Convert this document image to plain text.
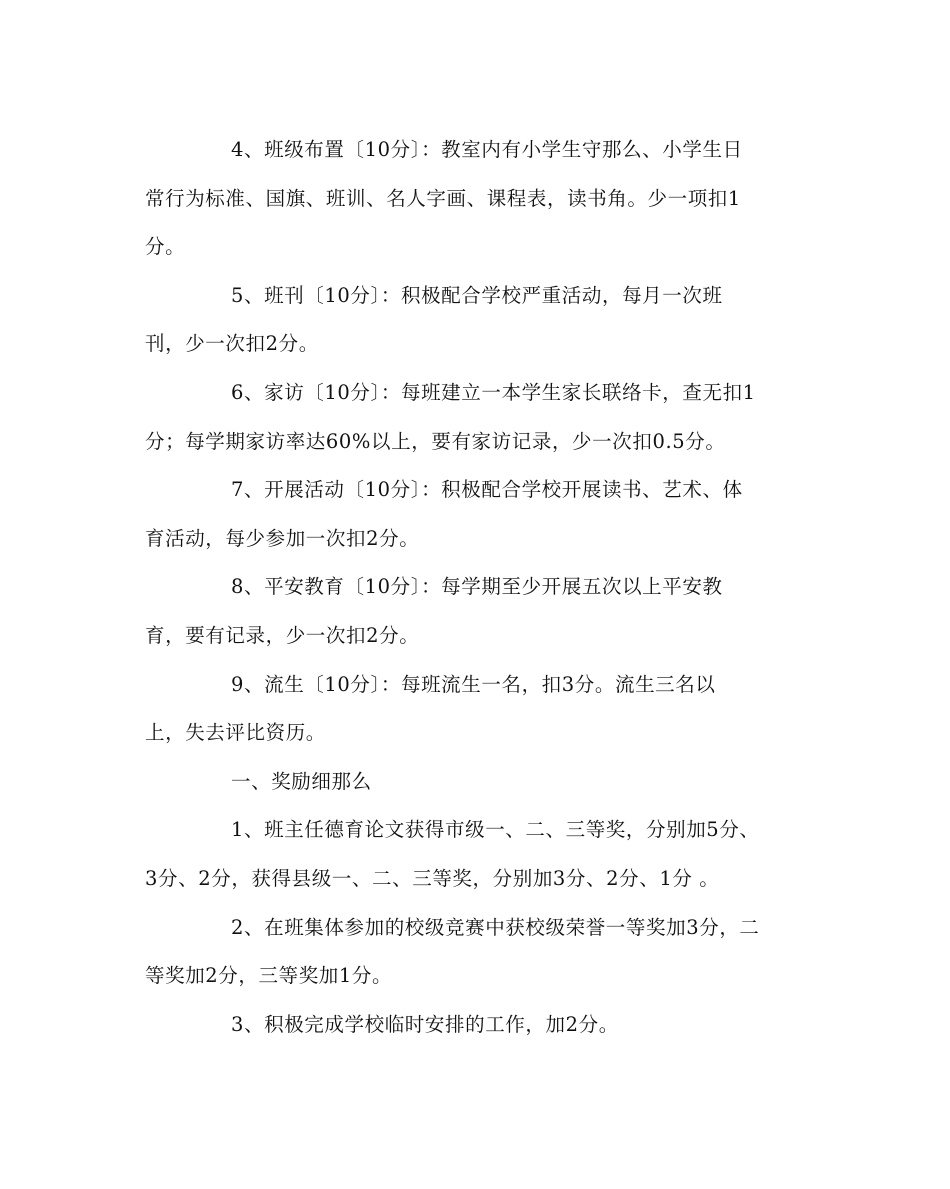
4、班级布置〔10分〕：教室内有小学生守那么、小学生日
常行为标准、国旗、班训、名人字画、课程表，读书角。少一项扣1
分。
5、班刊〔10分〕：积极配合学校严重活动，每月一次班
刊，少一次扣2分。
6、家访〔10分〕：每班建立一本学生家长联络卡，查无扣1
分；每学期家访率达60%以上，要有家访记录，少一次扣0.5分。
7、开展活动〔10分〕：积极配合学校开展读书、艺术、体
育活动，每少参加一次扣2分。
8、平安教育〔10分〕：每学期至少开展五次以上平安教
育，要有记录，少一次扣2分。
9、流生〔10分〕：每班流生一名，扣3分。流生三名以
上，失去评比资历。
一、奖励细那么
1、班主任德育论文获得市级一、二、三等奖，分别加5分、
3分、2分，获得县级一、二、三等奖，分别加3分、2分、1分 。
2、在班集体参加的校级竞赛中获校级荣誉一等奖加3分，二
等奖加2分，三等奖加1分。
3、积极完成学校临时安排的工作，加2分。
